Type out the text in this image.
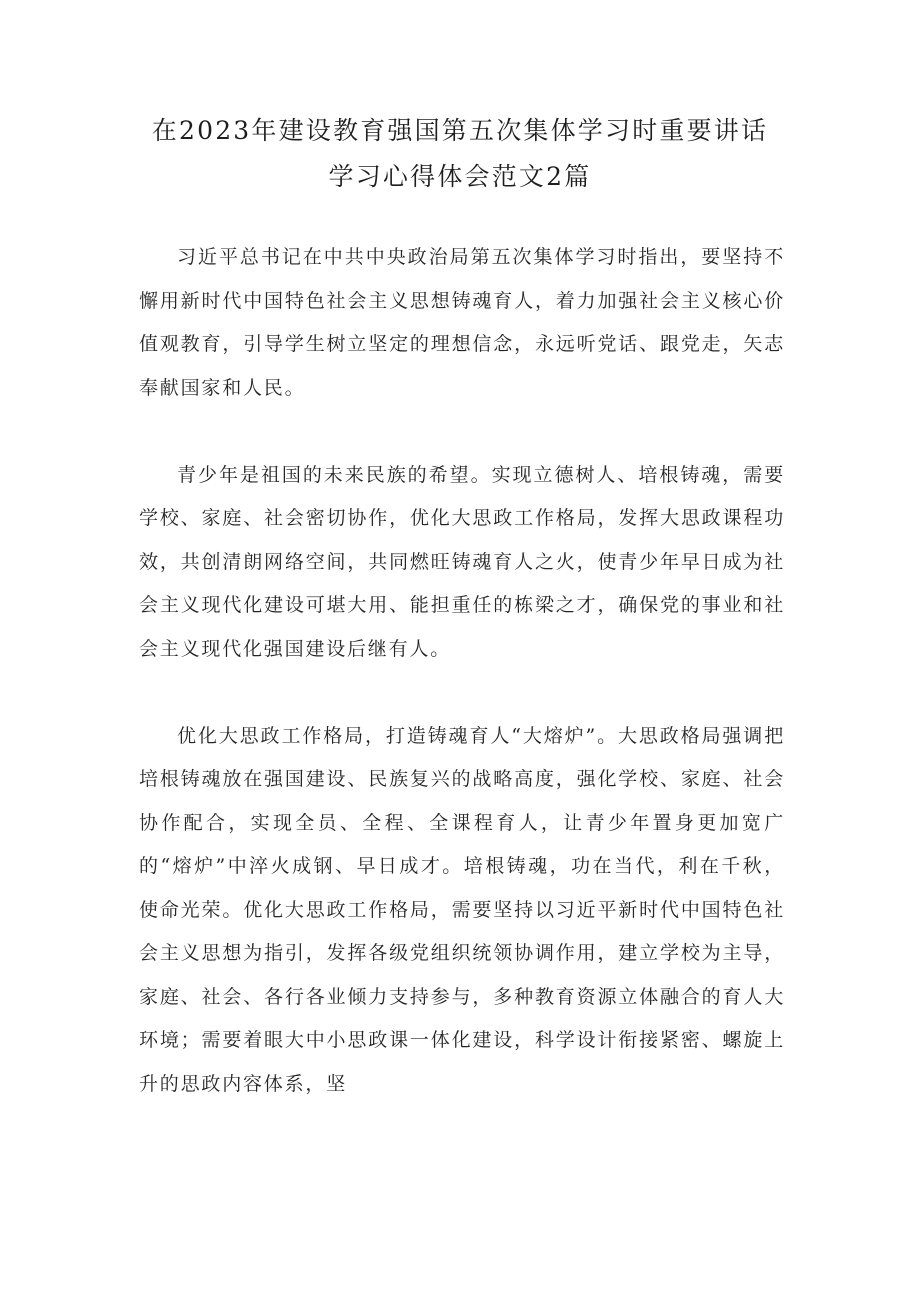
在2023年建设教育强国第五次集体学习时重要讲话
学习心得体会范文2篇

习近平总书记在中共中央政治局第五次集体学习时指出，要坚持不懈用新时代中国特色社会主义思想铸魂育人，着力加强社会主义核心价值观教育，引导学生树立坚定的理想信念，永远听党话、跟党走，矢志奉献国家和人民。

青少年是祖国的未来民族的希望。实现立德树人、培根铸魂，需要学校、家庭、社会密切协作，优化大思政工作格局，发挥大思政课程功效，共创清朗网络空间，共同燃旺铸魂育人之火，使青少年早日成为社会主义现代化建设可堪大用、能担重任的栋梁之才，确保党的事业和社会主义现代化强国建设后继有人。

优化大思政工作格局，打造铸魂育人“大熔炉”。大思政格局强调把培根铸魂放在强国建设、民族复兴的战略高度，强化学校、家庭、社会协作配合，实现全员、全程、全课程育人，让青少年置身更加宽广的“熔炉”中淬火成钢、早日成才。培根铸魂，功在当代，利在千秋，使命光荣。优化大思政工作格局，需要坚持以习近平新时代中国特色社会主义思想为指引，发挥各级党组织统领协调作用，建立学校为主导，家庭、社会、各行各业倾力支持参与，多种教育资源立体融合的育人大环境；需要着眼大中小思政课一体化建设，科学设计衔接紧密、螺旋上升的思政内容体系，坚
